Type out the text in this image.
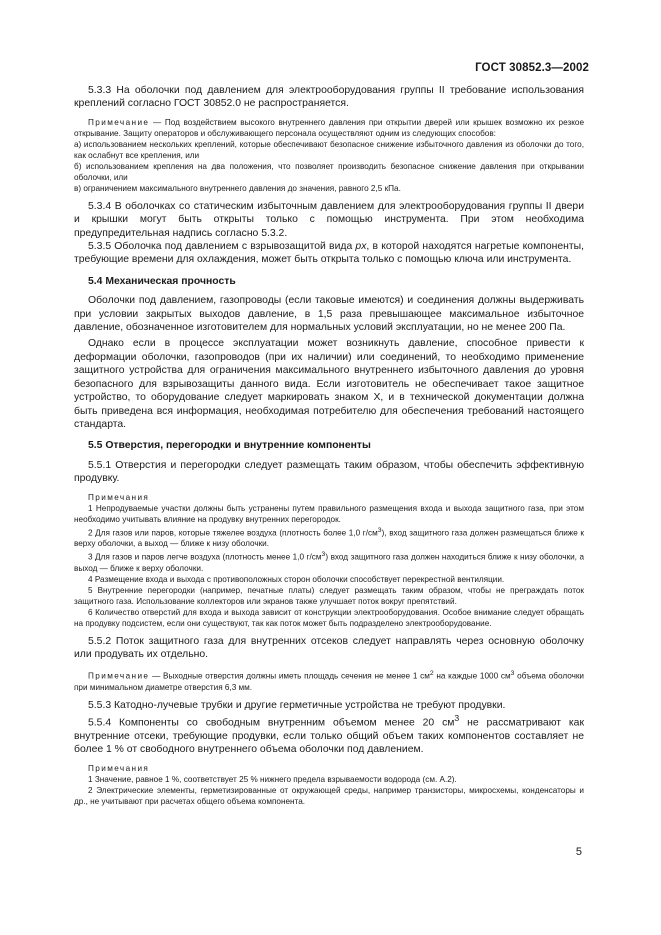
ГОСТ 30852.3—2002

5.3.3 На оболочки под давлением для электрооборудования группы II требование использования креплений согласно ГОСТ 30852.0 не распространяется.

Примечание — Под воздействием высокого внутреннего давления при открытии дверей или крышек возможно их резкое открывание. Защиту операторов и обслуживающего персонала осуществляют одним из следующих способов:

а) использованием нескольких креплений, которые обеспечивают безопасное снижение избыточного давления из оболочки до того, как ослабнут все крепления, или

б) использованием крепления на два положения, что позволяет производить безопасное снижение давления при открывании оболочки, или

в) ограничением максимального внутреннего давления до значения, равного 2,5 кПа.

5.3.4 В оболочках со статическим избыточным давлением для электрооборудования группы II двери и крышки могут быть открыты только с помощью инструмента. При этом необходима предупредительная надпись согласно 5.3.2.

5.3.5 Оболочка под давлением с взрывозащитой вида px, в которой находятся нагретые компоненты, требующие времени для охлаждения, может быть открыта только с помощью ключа или инструмента.

5.4 Механическая прочность

Оболочки под давлением, газопроводы (если таковые имеются) и соединения должны выдерживать при условии закрытых выходов давление, в 1,5 раза превышающее максимальное избыточное давление, обозначенное изготовителем для нормальных условий эксплуатации, но не менее 200 Па.

Однако если в процессе эксплуатации может возникнуть давление, способное привести к деформации оболочки, газопроводов (при их наличии) или соединений, то необходимо применение защитного устройства для ограничения максимального внутреннего избыточного давления до уровня безопасного для взрывозащиты данного вида. Если изготовитель не обеспечивает такое защитное устройство, то оборудование следует маркировать знаком X, и в технической документации должна быть приведена вся информация, необходимая потребителю для обеспечения требований настоящего стандарта.

5.5 Отверстия, перегородки и внутренние компоненты

5.5.1 Отверстия и перегородки следует размещать таким образом, чтобы обеспечить эффективную продувку.

Примечания

1 Непродуваемые участки должны быть устранены путем правильного размещения входа и выхода защитного газа, при этом необходимо учитывать влияние на продувку внутренних перегородок.

2 Для газов или паров, которые тяжелее воздуха (плотность более 1,0 $г/см^3$), вход защитного газа должен размещаться ближе к верху оболочки, а выход — ближе к низу оболочки.

3 Для газов и паров легче воздуха (плотность менее 1,0 $г/см^3$) вход защитного газа должен находиться ближе к низу оболочки, а выход — ближе к верху оболочки.

4 Размещение входа и выхода с противоположных сторон оболочки способствует перекрестной вентиляции.

5 Внутренние перегородки (например, печатные платы) следует размещать таким образом, чтобы не преграждать поток защитного газа. Использование коллекторов или экранов также улучшает поток вокруг препятствий.

6 Количество отверстий для входа и выхода зависит от конструкции электрооборудования. Особое внимание следует обращать на продувку подсистем, если они существуют, так как поток может быть подразделено электрооборудование.

5.5.2 Поток защитного газа для внутренних отсеков следует направлять через основную оболочку или продувать их отдельно.

Примечание — Выходные отверстия должны иметь площадь сечения не менее 1 $см^2$ на каждые 1000 $см^3$ объема оболочки при минимальном диаметре отверстия 6,3 мм.

5.5.3 Катодно-лучевые трубки и другие герметичные устройства не требуют продувки.

5.5.4 Компоненты со свободным внутренним объемом менее 20 $см^3$ не рассматривают как внутренние отсеки, требующие продувки, если только общий объем таких компонентов составляет не более 1 % от свободного внутреннего объема оболочки под давлением.

Примечания

1 Значение, равное 1 %, соответствует 25 % нижнего предела взрываемости водорода (см. А.2).

2 Электрические элементы, герметизированные от окружающей среды, например транзисторы, микросхемы, конденсаторы и др., не учитывают при расчетах общего объема компонента.

5
